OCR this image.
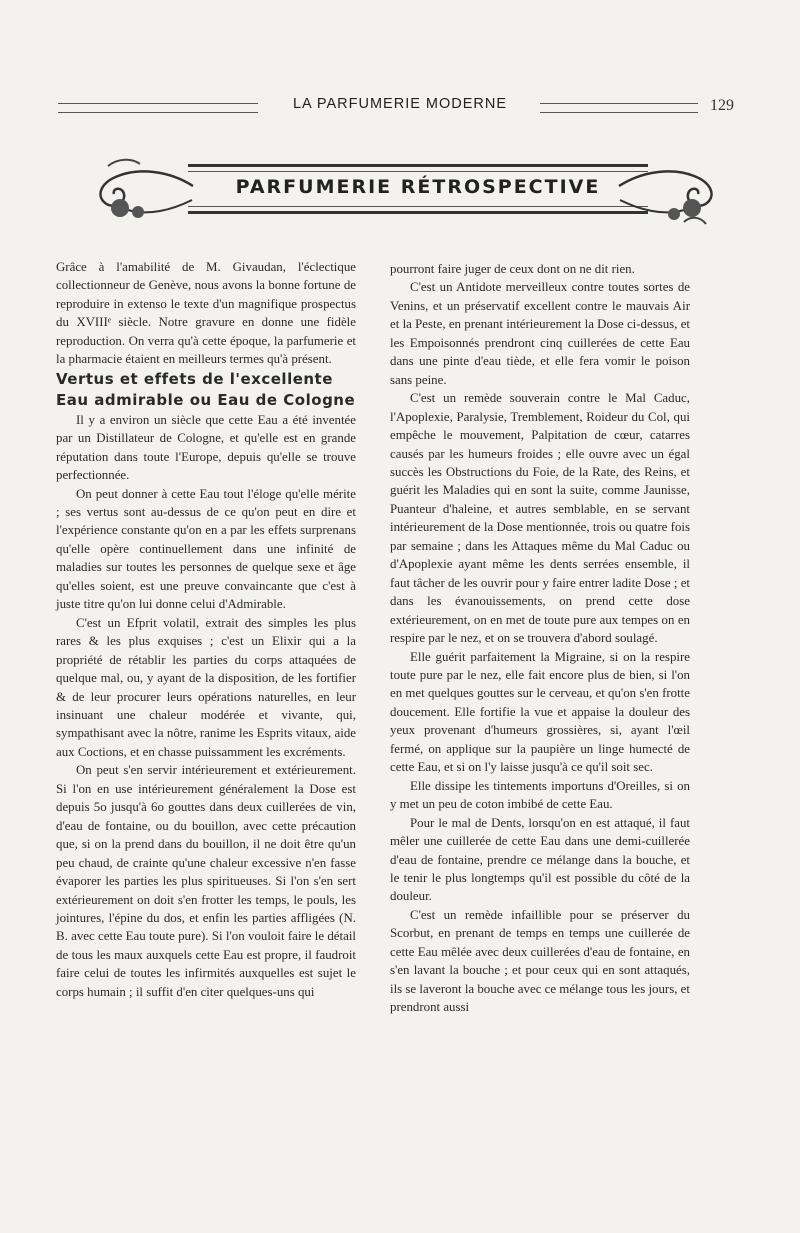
LA PARFUMERIE MODERNE	129
PARFUMERIE RÉTROSPECTIVE

Grâce à l'amabilité de M. Givaudan, l'éclectique collectionneur de Genève, nous avons la bonne fortune de reproduire in extenso le texte d'un magnifique prospectus du XVIIIᵉ siècle. Notre gravure en donne une fidèle reproduction. On verra qu'à cette époque, la parfumerie et la pharmacie étaient en meilleurs termes qu'à présent.

Vertus et effets de l'excellente Eau admirable ou Eau de Cologne

Il y a environ un siècle que cette Eau a été inventée par un Distillateur de Cologne, et qu'elle est en grande réputation dans toute l'Europe, depuis qu'elle se trouve perfectionnée.

On peut donner à cette Eau tout l'éloge qu'elle mérite ; ses vertus sont au-dessus de ce qu'on peut en dire et l'expérience constante qu'on en a par les effets surprenans qu'elle opère continuellement dans une infinité de maladies sur toutes les personnes de quelque sexe et âge qu'elles soient, est une preuve convaincante que c'est à juste titre qu'on lui donne celui d'Admirable.

C'est un Efprit volatil, extrait des simples les plus rares & les plus exquises ; c'est un Elixir qui a la propriété de rétablir les parties du corps attaquées de quelque mal, ou, y ayant de la disposition, de les fortifier & de leur procurer leurs opérations naturelles, en leur insinuant une chaleur modérée et vivante, qui, sympathisant avec la nôtre, ranime les Esprits vitaux, aide aux Coctions, et en chasse puissamment les excréments.

On peut s'en servir intérieurement et extérieurement. Si l'on en use intérieurement généralement la Dose est depuis 5o jusqu'à 6o gouttes dans deux cuillerées de vin, d'eau de fontaine, ou du bouillon, avec cette précaution que, si on la prend dans du bouillon, il ne doit être qu'un peu chaud, de crainte qu'une chaleur excessive n'en fasse évaporer les parties les plus spiritueuses. Si l'on s'en sert extérieurement on doit s'en frotter les temps, le pouls, les jointures, l'épine du dos, et enfin les parties affligées (N. B. avec cette Eau toute pure). Si l'on vouloit faire le détail de tous les maux auxquels cette Eau est propre, il faudroit faire celui de toutes les infirmités auxquelles est sujet le corps humain ; il suffit d'en citer quelques-uns qui

pourront faire juger de ceux dont on ne dit rien.

C'est un Antidote merveilleux contre toutes sortes de Venins, et un préservatif excellent contre le mauvais Air et la Peste, en prenant intérieurement la Dose ci-dessus, et les Empoisonnés prendront cinq cuillerées de cette Eau dans une pinte d'eau tiède, et elle fera vomir le poison sans peine.

C'est un remède souverain contre le Mal Caduc, l'Apoplexie, Paralysie, Tremblement, Roideur du Col, qui empêche le mouvement, Palpitation de cœur, catarres causés par les humeurs froides ; elle ouvre avec un égal succès les Obstructions du Foie, de la Rate, des Reins, et guérit les Maladies qui en sont la suite, comme Jaunisse, Puanteur d'haleine, et autres semblable, en se servant intérieurement de la Dose mentionnée, trois ou quatre fois par semaine ; dans les Attaques même du Mal Caduc ou d'Apoplexie ayant même les dents serrées ensemble, il faut tâcher de les ouvrir pour y faire entrer ladite Dose ; et dans les évanouissements, on prend cette dose extérieurement, on en met de toute pure aux tempes on en respire par le nez, et on se trouvera d'abord soulagé.

Elle guérit parfaitement la Migraine, si on la respire toute pure par le nez, elle fait encore plus de bien, si l'on en met quelques gouttes sur le cerveau, et qu'on s'en frotte doucement. Elle fortifie la vue et appaise la douleur des yeux provenant d'humeurs grossières, si, ayant l'œil fermé, on applique sur la paupière un linge humecté de cette Eau, et si on l'y laisse jusqu'à ce qu'il soit sec.

Elle dissipe les tintements importuns d'Oreilles, si on y met un peu de coton imbibé de cette Eau.

Pour le mal de Dents, lorsqu'on en est attaqué, il faut mêler une cuillerée de cette Eau dans une demi-cuillerée d'eau de fontaine, prendre ce mélange dans la bouche, et le tenir le plus longtemps qu'il est possible du côté de la douleur.

C'est un remède infaillible pour se préserver du Scorbut, en prenant de temps en temps une cuillerée de cette Eau mêlée avec deux cuillerées d'eau de fontaine, en s'en lavant la bouche ; et pour ceux qui en sont attaqués, ils se laveront la bouche avec ce mélange tous les jours, et prendront aussi
